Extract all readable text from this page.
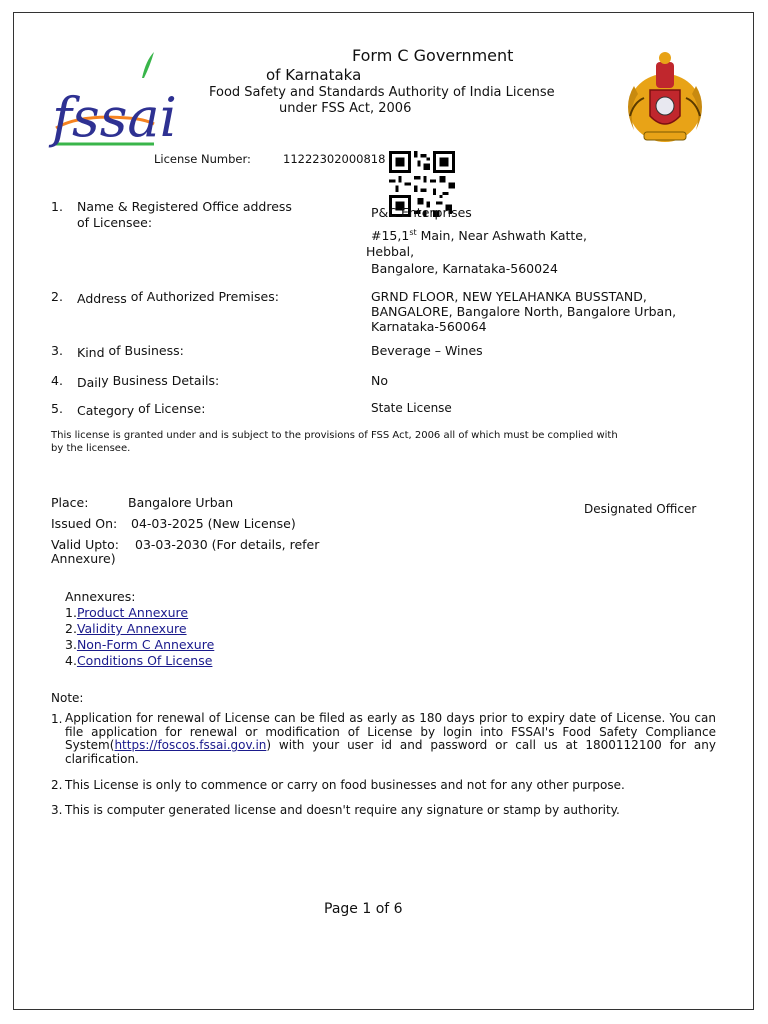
fssai
Form C Government
of Karnataka
Food Safety and Standards Authority of India License
under FSS Act, 2006
License Number:	11222302000818
1. Name & Registered Office address
of Licensee:
P&C Enterprises
#15,1st Main, Near Ashwath Katte,
Hebbal,
Bangalore, Karnataka-560024
2. Address of Authorized Premises:	GRND FLOOR, NEW YELAHANKA BUSSTAND,
BANGALORE, Bangalore North, Bangalore Urban,
Karnataka-560064
3. Kind of Business:	Beverage – Wines
4. Daily Business Details:	No
5. Category of License:	State License
This license is granted under and is subject to the provisions of FSS Act, 2006 all of which must be complied with
by the licensee.
Place:	Bangalore Urban
Issued On: 04-03-2025 (New License)
Valid Upto: 03-03-2030 (For details, refer
Annexure)
Designated Officer
Annexures:
1.Product Annexure
2.Validity Annexure
3.Non-Form C Annexure
4.Conditions Of License
Note:
1. Application for renewal of License can be filed as early as 180 days prior to expiry date of License. You can file application for renewal or modification of License by login into FSSAI's Food Safety Compliance System(https://foscos.fssai.gov.in) with your user id and password or call us at 1800112100 for any clarification.
2. This License is only to commence or carry on food businesses and not for any other purpose.
3. This is computer generated license and doesn't require any signature or stamp by authority.
Page 1 of 6
